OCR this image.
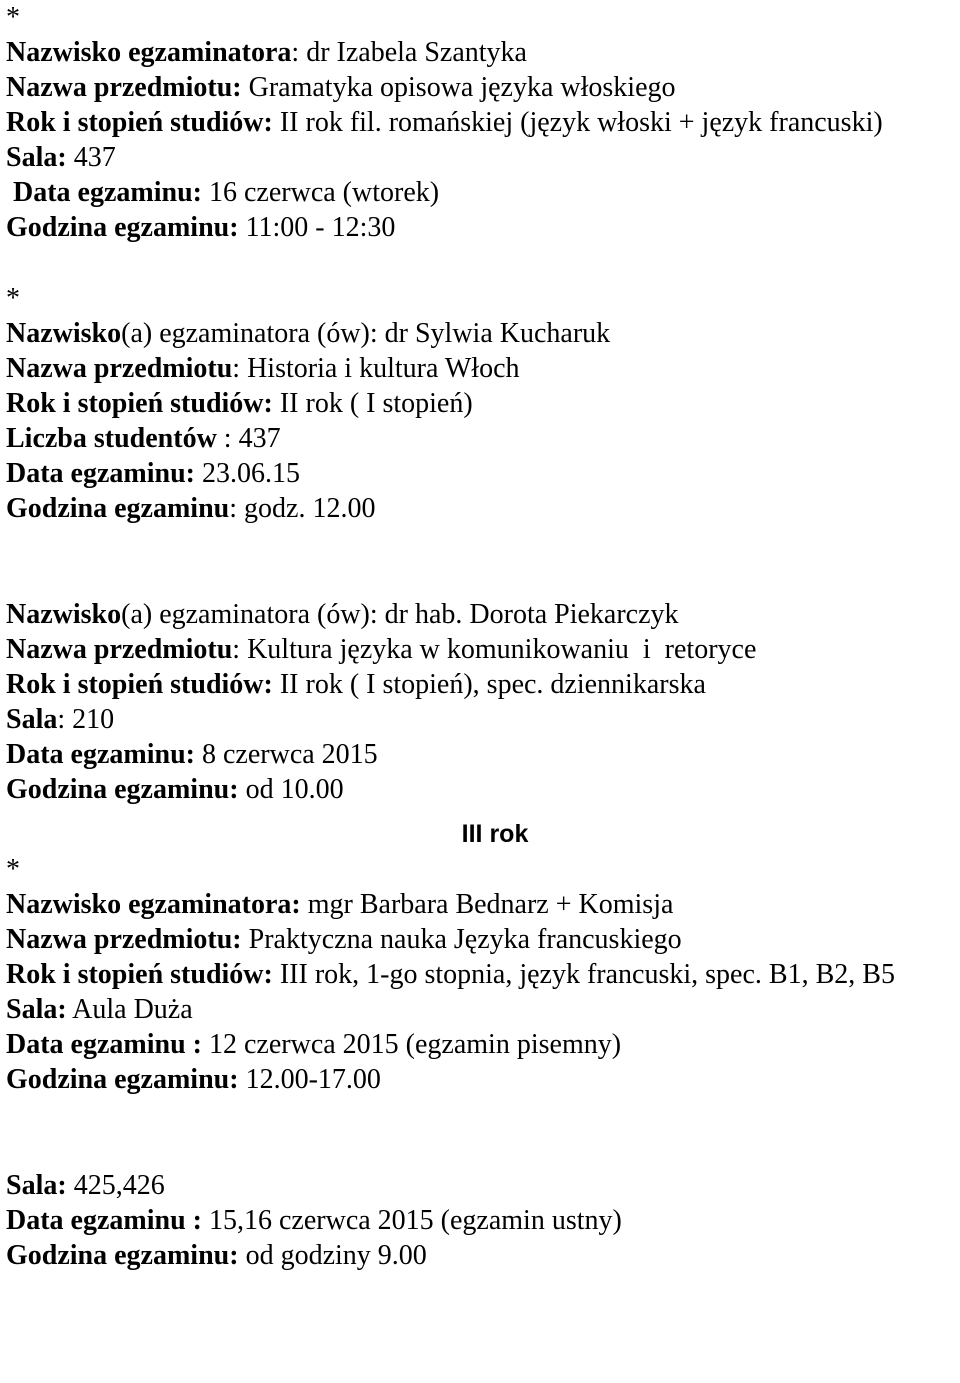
*
Nazwisko egzaminatora: dr Izabela Szantyka
Nazwa przedmiotu: Gramatyka opisowa języka włoskiego
Rok i stopień studiów: II rok fil. romańskiej (język włoski + język francuski)
Sala: 437
Data egzaminu: 16 czerwca (wtorek)
Godzina egzaminu: 11:00 - 12:30
*
Nazwisko(a) egzaminatora (ów): dr Sylwia Kucharuk
Nazwa przedmiotu: Historia i kultura Włoch
Rok i stopień studiów: II rok ( I stopień)
Liczba studentów : 437
Data egzaminu: 23.06.15
Godzina egzaminu: godz. 12.00
Nazwisko(a) egzaminatora (ów): dr hab. Dorota Piekarczyk
Nazwa przedmiotu: Kultura języka w komunikowaniu  i  retoryce
Rok i stopień studiów: II rok ( I stopień), spec. dziennikarska
Sala: 210
Data egzaminu: 8 czerwca 2015
Godzina egzaminu: od 10.00
III rok
*
Nazwisko egzaminatora: mgr Barbara Bednarz + Komisja
Nazwa przedmiotu: Praktyczna nauka Języka francuskiego
Rok i stopień studiów: III rok, 1-go stopnia, język francuski, spec. B1, B2, B5
Sala: Aula Duża
Data egzaminu : 12 czerwca 2015 (egzamin pisemny)
Godzina egzaminu: 12.00-17.00
Sala: 425,426
Data egzaminu : 15,16 czerwca 2015 (egzamin ustny)
Godzina egzaminu: od godziny 9.00
